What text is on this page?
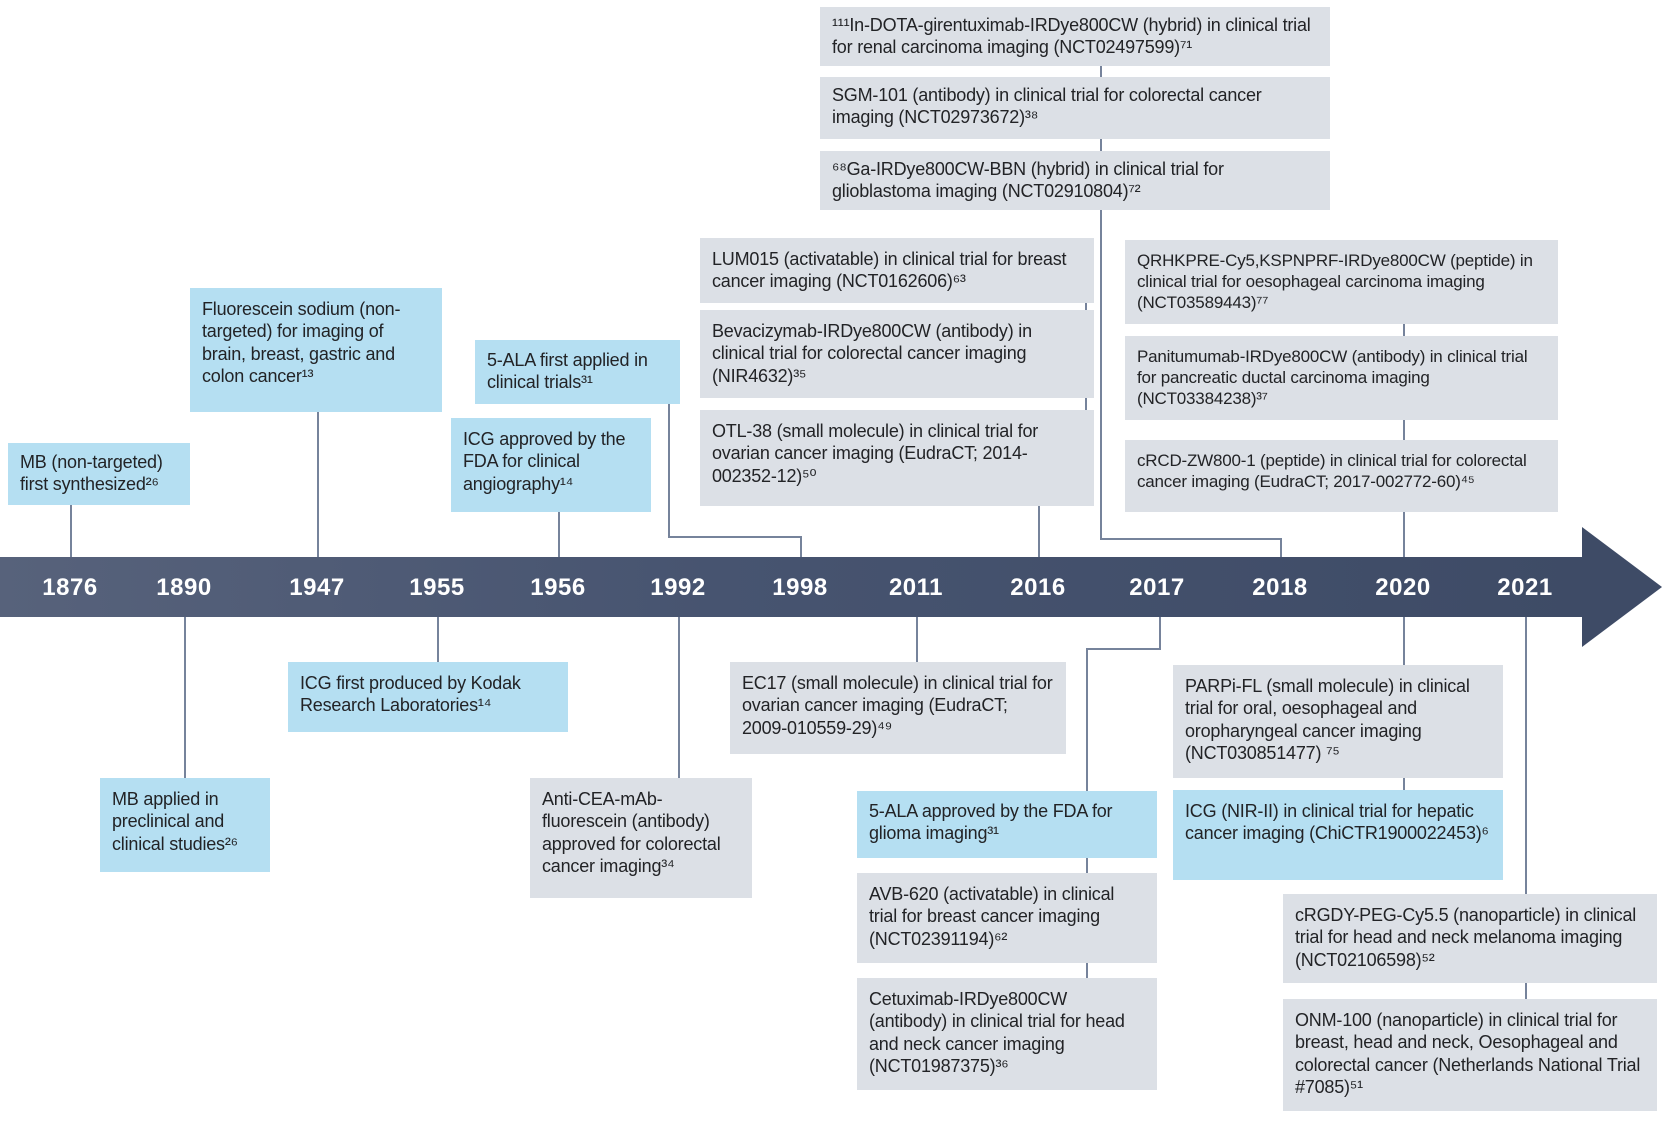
1876 1890	1947	1955	1956	1992	1998	2011	2016	2017	2018	2020	2021
¹¹¹In-DOTA-girentuximab-IRDye800CW (hybrid) in clinical trial for renal carcinoma imaging (NCT02497599)⁷¹
SGM-101 (antibody) in clinical trial for colorectal cancer imaging (NCT02973672)³⁸
⁶⁸Ga-IRDye800CW-BBN (hybrid) in clinical trial for glioblastoma imaging (NCT02910804)⁷²
LUM015 (activatable) in clinical trial for breast cancer imaging (NCT0162606)⁶³
Bevacizymab-IRDye800CW (antibody) in clinical trial for colorectal cancer imaging (NIR4632)³⁵
OTL-38 (small molecule) in clinical trial for ovarian cancer imaging (EudraCT; 2014-002352-12)⁵⁰
QRHKPRE-Cy5,KSPNPRF-IRDye800CW (peptide) in clinical trial for oesophageal carcinoma imaging (NCT03589443)⁷⁷
Panitumumab-IRDye800CW (antibody) in clinical trial for pancreatic ductal carcinoma imaging (NCT03384238)³⁷
cRCD-ZW800-1 (peptide) in clinical trial for colorectal cancer imaging (EudraCT; 2017-002772-60)⁴⁵
Fluorescein sodium (non-targeted) for imaging of brain, breast, gastric and colon cancer¹³
MB (non-targeted) first synthesized²⁶
5-ALA first applied in clinical trials³¹
ICG approved by the FDA for clinical angiography¹⁴
MB applied in preclinical and clinical studies²⁶
ICG first produced by Kodak Research Laboratories¹⁴
Anti-CEA-mAb-fluorescein (antibody) approved for colorectal cancer imaging³⁴
EC17 (small molecule) in clinical trial for ovarian cancer imaging (EudraCT; 2009-010559-29)⁴⁹
5-ALA approved by the FDA for glioma imaging³¹
AVB-620 (activatable) in clinical trial for breast cancer imaging (NCT02391194)⁶²
Cetuximab-IRDye800CW (antibody) in clinical trial for head and neck cancer imaging (NCT01987375)³⁶
PARPi-FL (small molecule) in clinical trial for oral, oesophageal and oropharyngeal cancer imaging (NCT030851477) ⁷⁵
ICG (NIR-II) in clinical trial for hepatic cancer imaging (ChiCTR1900022453)⁶
cRGDY-PEG-Cy5.5 (nanoparticle) in clinical trial for head and neck melanoma imaging (NCT02106598)⁵²
ONM-100 (nanoparticle) in clinical trial for breast, head and neck, Oesophageal and colorectal cancer (Netherlands National Trial #7085)⁵¹
